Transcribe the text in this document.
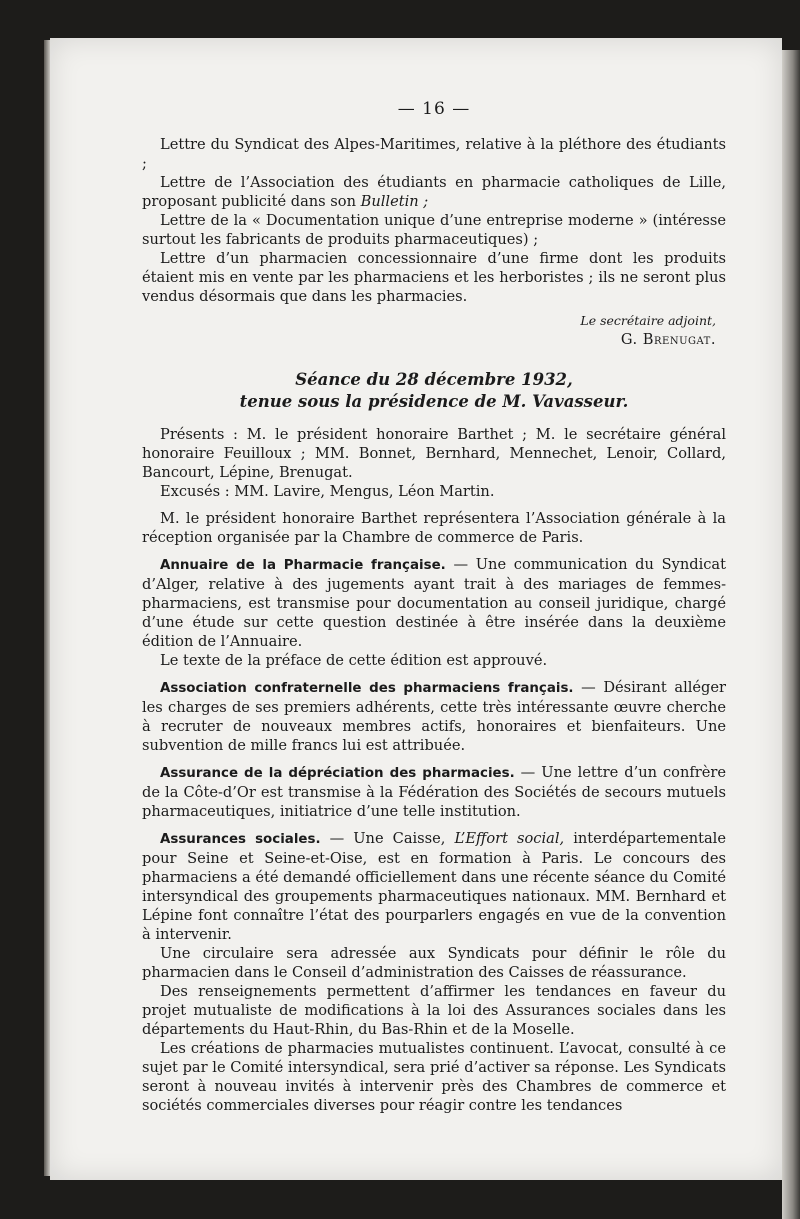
— 16 —

Lettre du Syndicat des Alpes-Maritimes, relative à la pléthore des étudiants ;

Lettre de l’Association des étudiants en pharmacie catholiques de Lille, proposant publicité dans son Bulletin ;

Lettre de la « Documentation unique d’une entreprise moderne » (intéresse surtout les fabricants de produits pharmaceutiques) ;

Lettre d’un pharmacien concessionnaire d’une firme dont les produits étaient mis en vente par les pharmaciens et les herboristes ; ils ne seront plus vendus désormais que dans les pharmacies.

Le secrétaire adjoint,
G. Brenugat.
Séance du 28 décembre 1932,
tenue sous la présidence de M. Vavasseur.

Présents : M. le président honoraire Barthet ; M. le secrétaire général honoraire Feuilloux ; MM. Bonnet, Bernhard, Mennechet, Lenoir, Collard, Bancourt, Lépine, Brenugat.

Excusés : MM. Lavire, Mengus, Léon Martin.

M. le président honoraire Barthet représentera l’Association générale à la réception organisée par la Chambre de commerce de Paris.

Annuaire de la Pharmacie française. — Une communication du Syndicat d’Alger, relative à des jugements ayant trait à des mariages de femmes-pharmaciens, est transmise pour documentation au conseil juridique, chargé d’une étude sur cette question destinée à être insérée dans la deuxième édition de l’Annuaire.

Le texte de la préface de cette édition est approuvé.

Association confraternelle des pharmaciens français. — Désirant alléger les charges de ses premiers adhérents, cette très intéressante œuvre cherche à recruter de nouveaux membres actifs, honoraires et bienfaiteurs. Une subvention de mille francs lui est attribuée.

Assurance de la dépréciation des pharmacies. — Une lettre d’un confrère de la Côte-d’Or est transmise à la Fédération des Sociétés de secours mutuels pharmaceutiques, initiatrice d’une telle institution.

Assurances sociales. — Une Caisse, L’Effort social, interdépartementale pour Seine et Seine-et-Oise, est en formation à Paris. Le concours des pharmaciens a été demandé officiellement dans une récente séance du Comité intersyndical des groupements pharmaceutiques nationaux. MM. Bernhard et Lépine font connaître l’état des pourparlers engagés en vue de la convention à intervenir.

Une circulaire sera adressée aux Syndicats pour définir le rôle du pharmacien dans le Conseil d’administration des Caisses de réassurance.

Des renseignements permettent d’affirmer les tendances en faveur du projet mutualiste de modifications à la loi des Assurances sociales dans les départements du Haut-Rhin, du Bas-Rhin et de la Moselle.

Les créations de pharmacies mutualistes continuent. L’avocat, consulté à ce sujet par le Comité intersyndical, sera prié d’activer sa réponse. Les Syndicats seront à nouveau invités à intervenir près des Chambres de commerce et sociétés commerciales diverses pour réagir contre les tendances
